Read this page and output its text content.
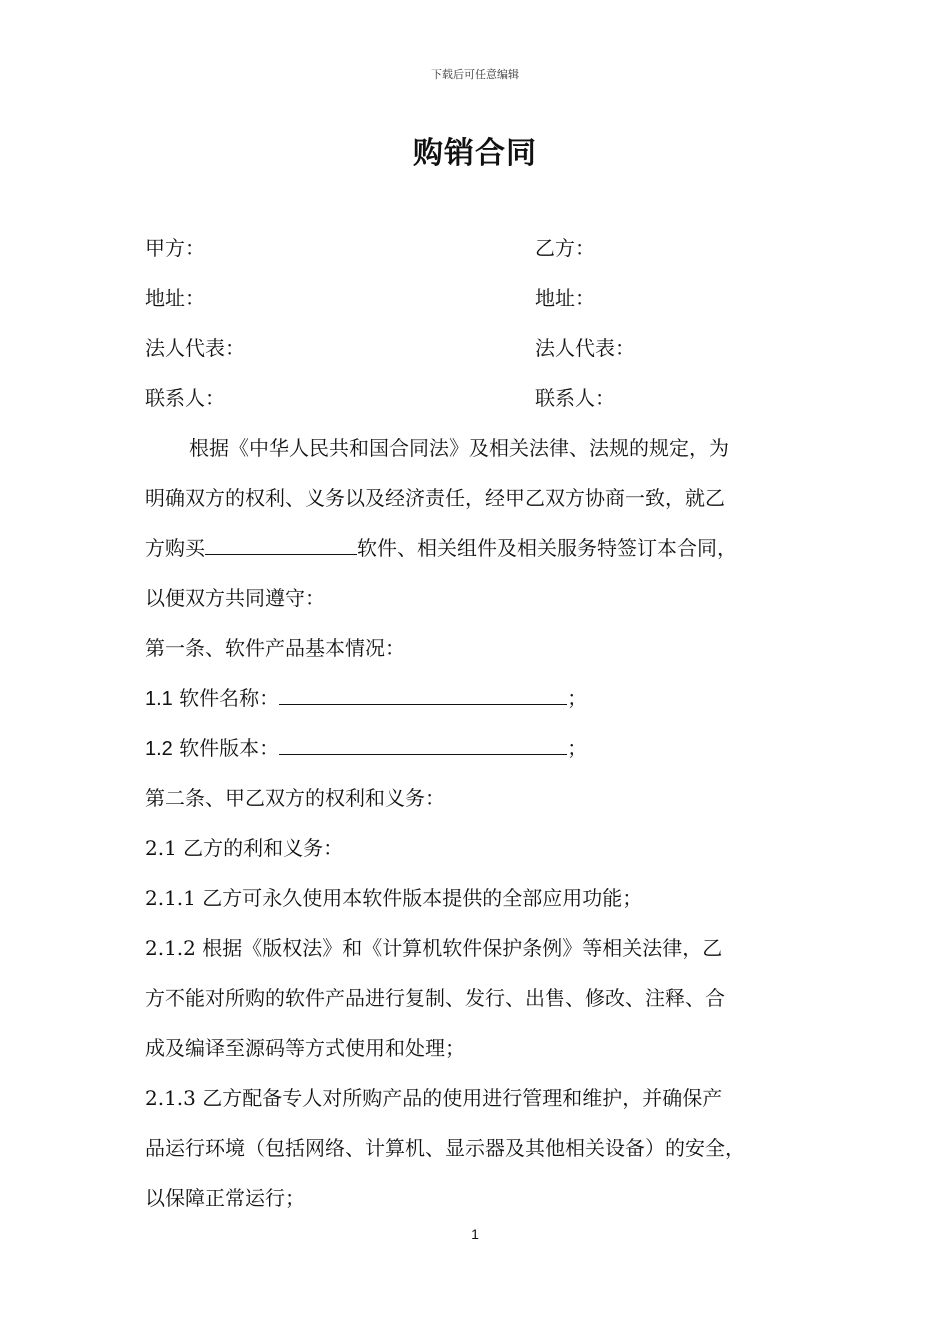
下载后可任意编辑
购销合同
甲方：	乙方：
地址：	地址：
法人代表：	法人代表：
联系人：	联系人：
根据《中华人民共和国合同法》及相关法律、法规的规定，为
明确双方的权利、义务以及经济责任，经甲乙双方协商一致，就乙
方购买	软件、相关组件及相关服务特签订本合同，
以便双方共同遵守：
第一条、软件产品基本情况：
1.1 软件名称：	；
1.2 软件版本：	；
第二条、甲乙双方的权利和义务：
2.1 乙方的利和义务：
2.1.1 乙方可永久使用本软件版本提供的全部应用功能；
2.1.2 根据《版权法》和《计算机软件保护条例》等相关法律，乙
方不能对所购的软件产品进行复制、发行、出售、修改、注释、合
成及编译至源码等方式使用和处理；
2.1.3 乙方配备专人对所购产品的使用进行管理和维护，并确保产
品运行环境（包括网络、计算机、显示器及其他相关设备）的安全，
以保障正常运行；
1
